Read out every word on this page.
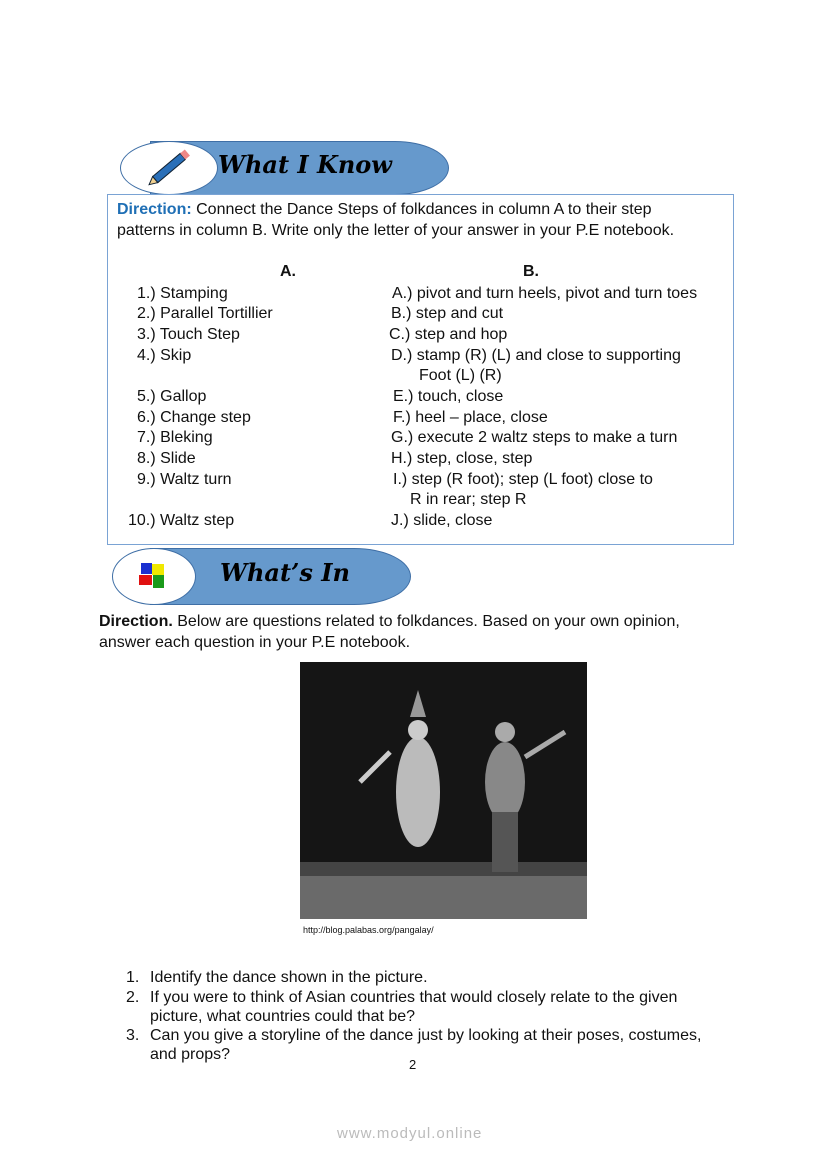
What I Know
Direction: Connect the Dance Steps of folkdances in column A to their step
patterns in column B. Write only the letter of your answer in your P.E notebook.
A.	B.
1.) Stamping
2.) Parallel Tortillier
3.) Touch Step
4.) Skip
5.) Gallop
6.) Change step
7.) Bleking
8.) Slide
9.) Waltz turn
10.) Waltz step
A.) pivot and turn heels, pivot and turn toes
B.) step and cut
C.) step and hop
D.) stamp (R) (L) and close to supporting
Foot (L) (R)
E.) touch, close
F.) heel – place, close
G.) execute 2 waltz steps to make a turn
H.) step, close, step
I.) step (R foot); step (L foot) close to
R in rear; step R
J.) slide, close
What’s In
Direction. Below are questions related to folkdances. Based on your own opinion,
answer each question in your P.E notebook.
http://blog.palabas.org/pangalay/
1. Identify the dance shown in the picture.
2. If you were to think of Asian countries that would closely relate to the given
picture, what countries could that be?
3. Can you give a storyline of the dance just by looking at their poses, costumes,
and props?
2
www.modyul.online
